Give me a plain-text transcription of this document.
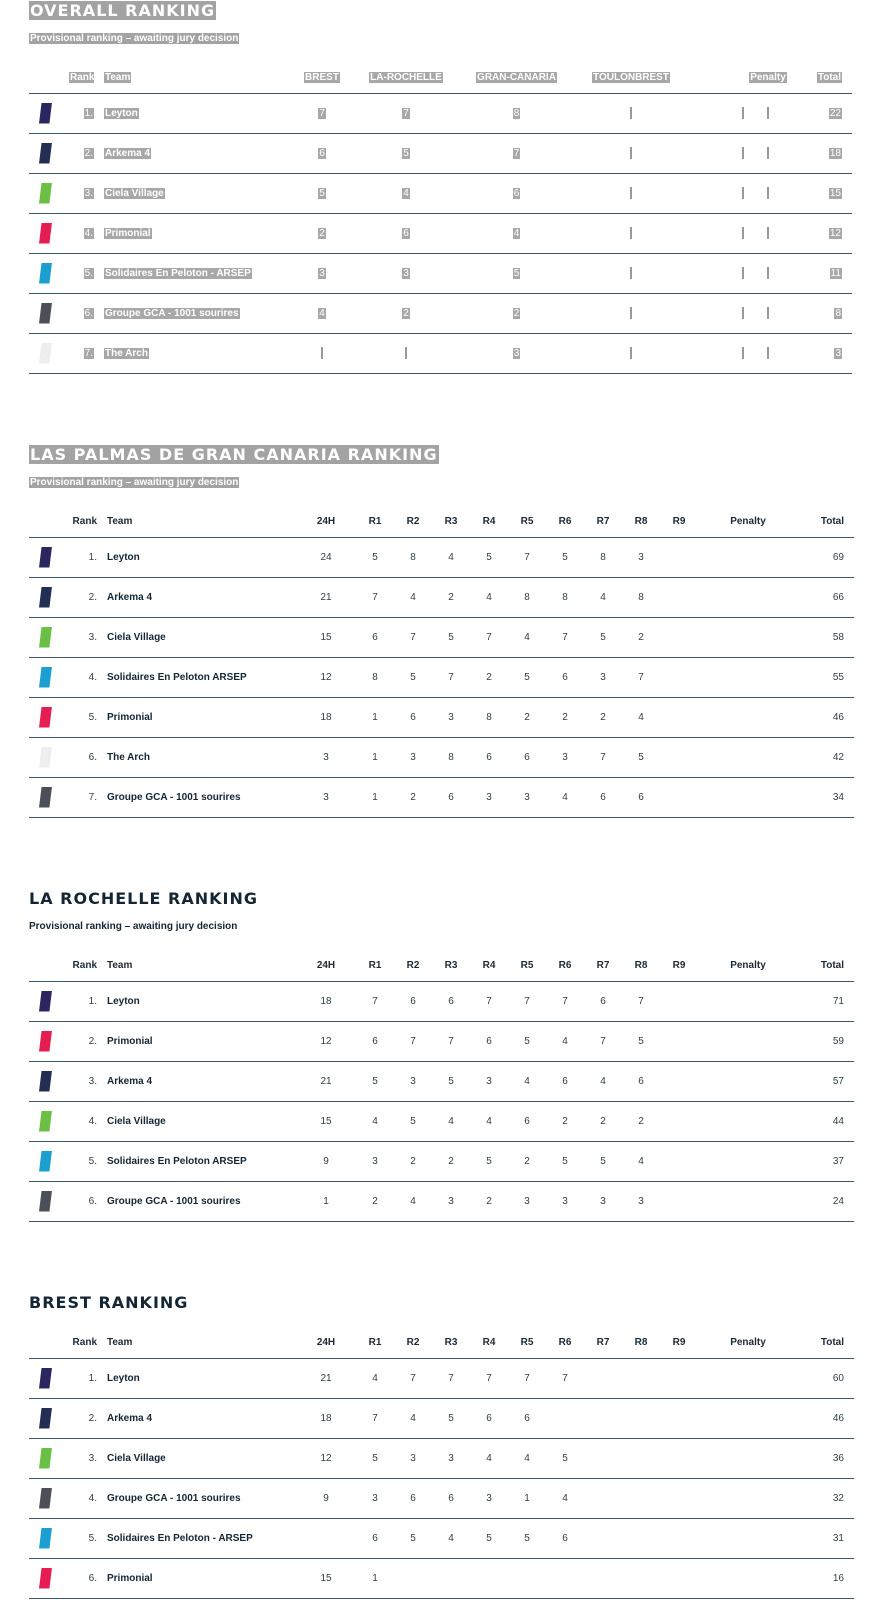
OVERALL RANKING
Provisional ranking – awaiting jury decision
	Rank	Team	BREST	LA-ROCHELLE	GRAN-CANARIA	TOULONBREST		Penalty	Total
	1.	Leyton	7	7	8				22
	2.	Arkema 4	6	5	7				18
	3.	Ciela Village	5	4	6				15
	4.	Primonial	2	6	4				12
	5.	Solidaires En Peloton - ARSEP	3	3	5				11
	6.	Groupe GCA - 1001 sourires	4	2	2				8
	7.	The Arch			3				3
LAS PALMAS DE GRAN CANARIA RANKING
Provisional ranking – awaiting jury decision
	Rank	Team	24H	R1	R2	R3	R4	R5	R6	R7	R8	R9	Penalty	Total
	1.	Leyton	24	5	8	4	5	7	5	8	3			69
	2.	Arkema 4	21	7	4	2	4	8	8	4	8			66
	3.	Ciela Village	15	6	7	5	7	4	7	5	2			58
	4.	Solidaires En Peloton ARSEP	12	8	5	7	2	5	6	3	7			55
	5.	Primonial	18	1	6	3	8	2	2	2	4			46
	6.	The Arch	3	1	3	8	6	6	3	7	5			42
	7.	Groupe GCA - 1001 sourires	3	1	2	6	3	3	4	6	6			34
LA ROCHELLE RANKING
Provisional ranking – awaiting jury decision
	Rank	Team	24H	R1	R2	R3	R4	R5	R6	R7	R8	R9	Penalty	Total
	1.	Leyton	18	7	6	6	7	7	7	6	7			71
	2.	Primonial	12	6	7	7	6	5	4	7	5			59
	3.	Arkema 4	21	5	3	5	3	4	6	4	6			57
	4.	Ciela Village	15	4	5	4	4	6	2	2	2			44
	5.	Solidaires En Peloton ARSEP	9	3	2	2	5	2	5	5	4			37
	6.	Groupe GCA - 1001 sourires	1	2	4	3	2	3	3	3	3			24
BREST RANKING
	Rank	Team	24H	R1	R2	R3	R4	R5	R6	R7	R8	R9	Penalty	Total
	1.	Leyton	21	4	7	7	7	7	7					60
	2.	Arkema 4	18	7	4	5	6	6						46
	3.	Ciela Village	12	5	3	3	4	4	5					36
	4.	Groupe GCA - 1001 sourires	9	3	6	6	3	1	4					32
	5.	Solidaires En Peloton - ARSEP		6	5	4	5	5	6					31
	6.	Primonial	15	1										16
